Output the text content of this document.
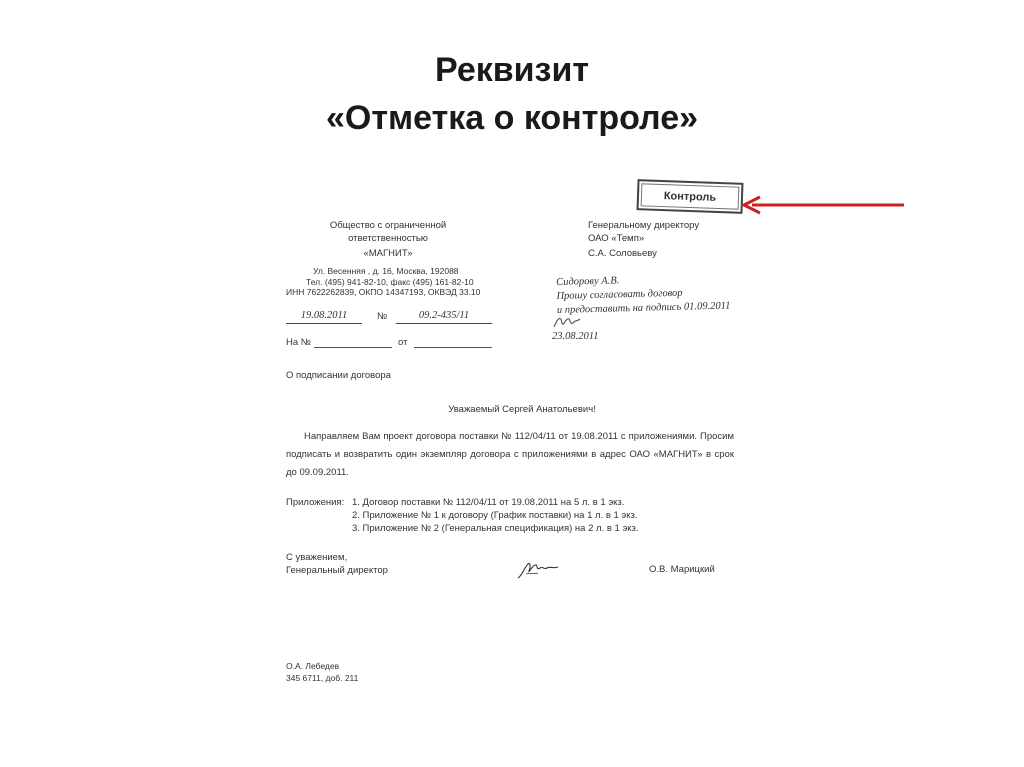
Реквизит
«Отметка о контроле»
Контроль
Общество с ограниченной
ответственностью
«МАГНИТ»
Ул. Весенняя , д. 16, Москва, 192088
Тел. (495) 941-82-10, факс (495) 161-82-10
ИНН 7622262839, ОКПО 14347193, ОКВЭД 33.10
Генеральному директору
ОАО «Темп»
С.А. Соловьеву
Сидорову А.В.
Прошу согласовать договор
и предоставить на подпись 01.09.2011
23.08.2011
19.08.2011	№	09.2-435/11
На №	от
О подписании договора
Уважаемый Сергей Анатольевич!
Направляем Вам проект договора поставки № 112/04/11 от 19.08.2011 с приложениями. Просим подписать и возвратить один экземпляр договора с приложениями в адрес ОАО «МАГНИТ» в срок до 09.09.2011.
Приложения: 1. Договор поставки № 112/04/11 от 19.08.2011 на 5 л. в 1 экз.
2. Приложение № 1 к договору (График поставки) на 1 л. в 1 экз.
3. Приложение № 2 (Генеральная спецификация) на 2 л. в 1 экз.
С уважением,
Генеральный директор	О.В. Марицкий
О.А. Лебедев
345 6711, доб. 211
